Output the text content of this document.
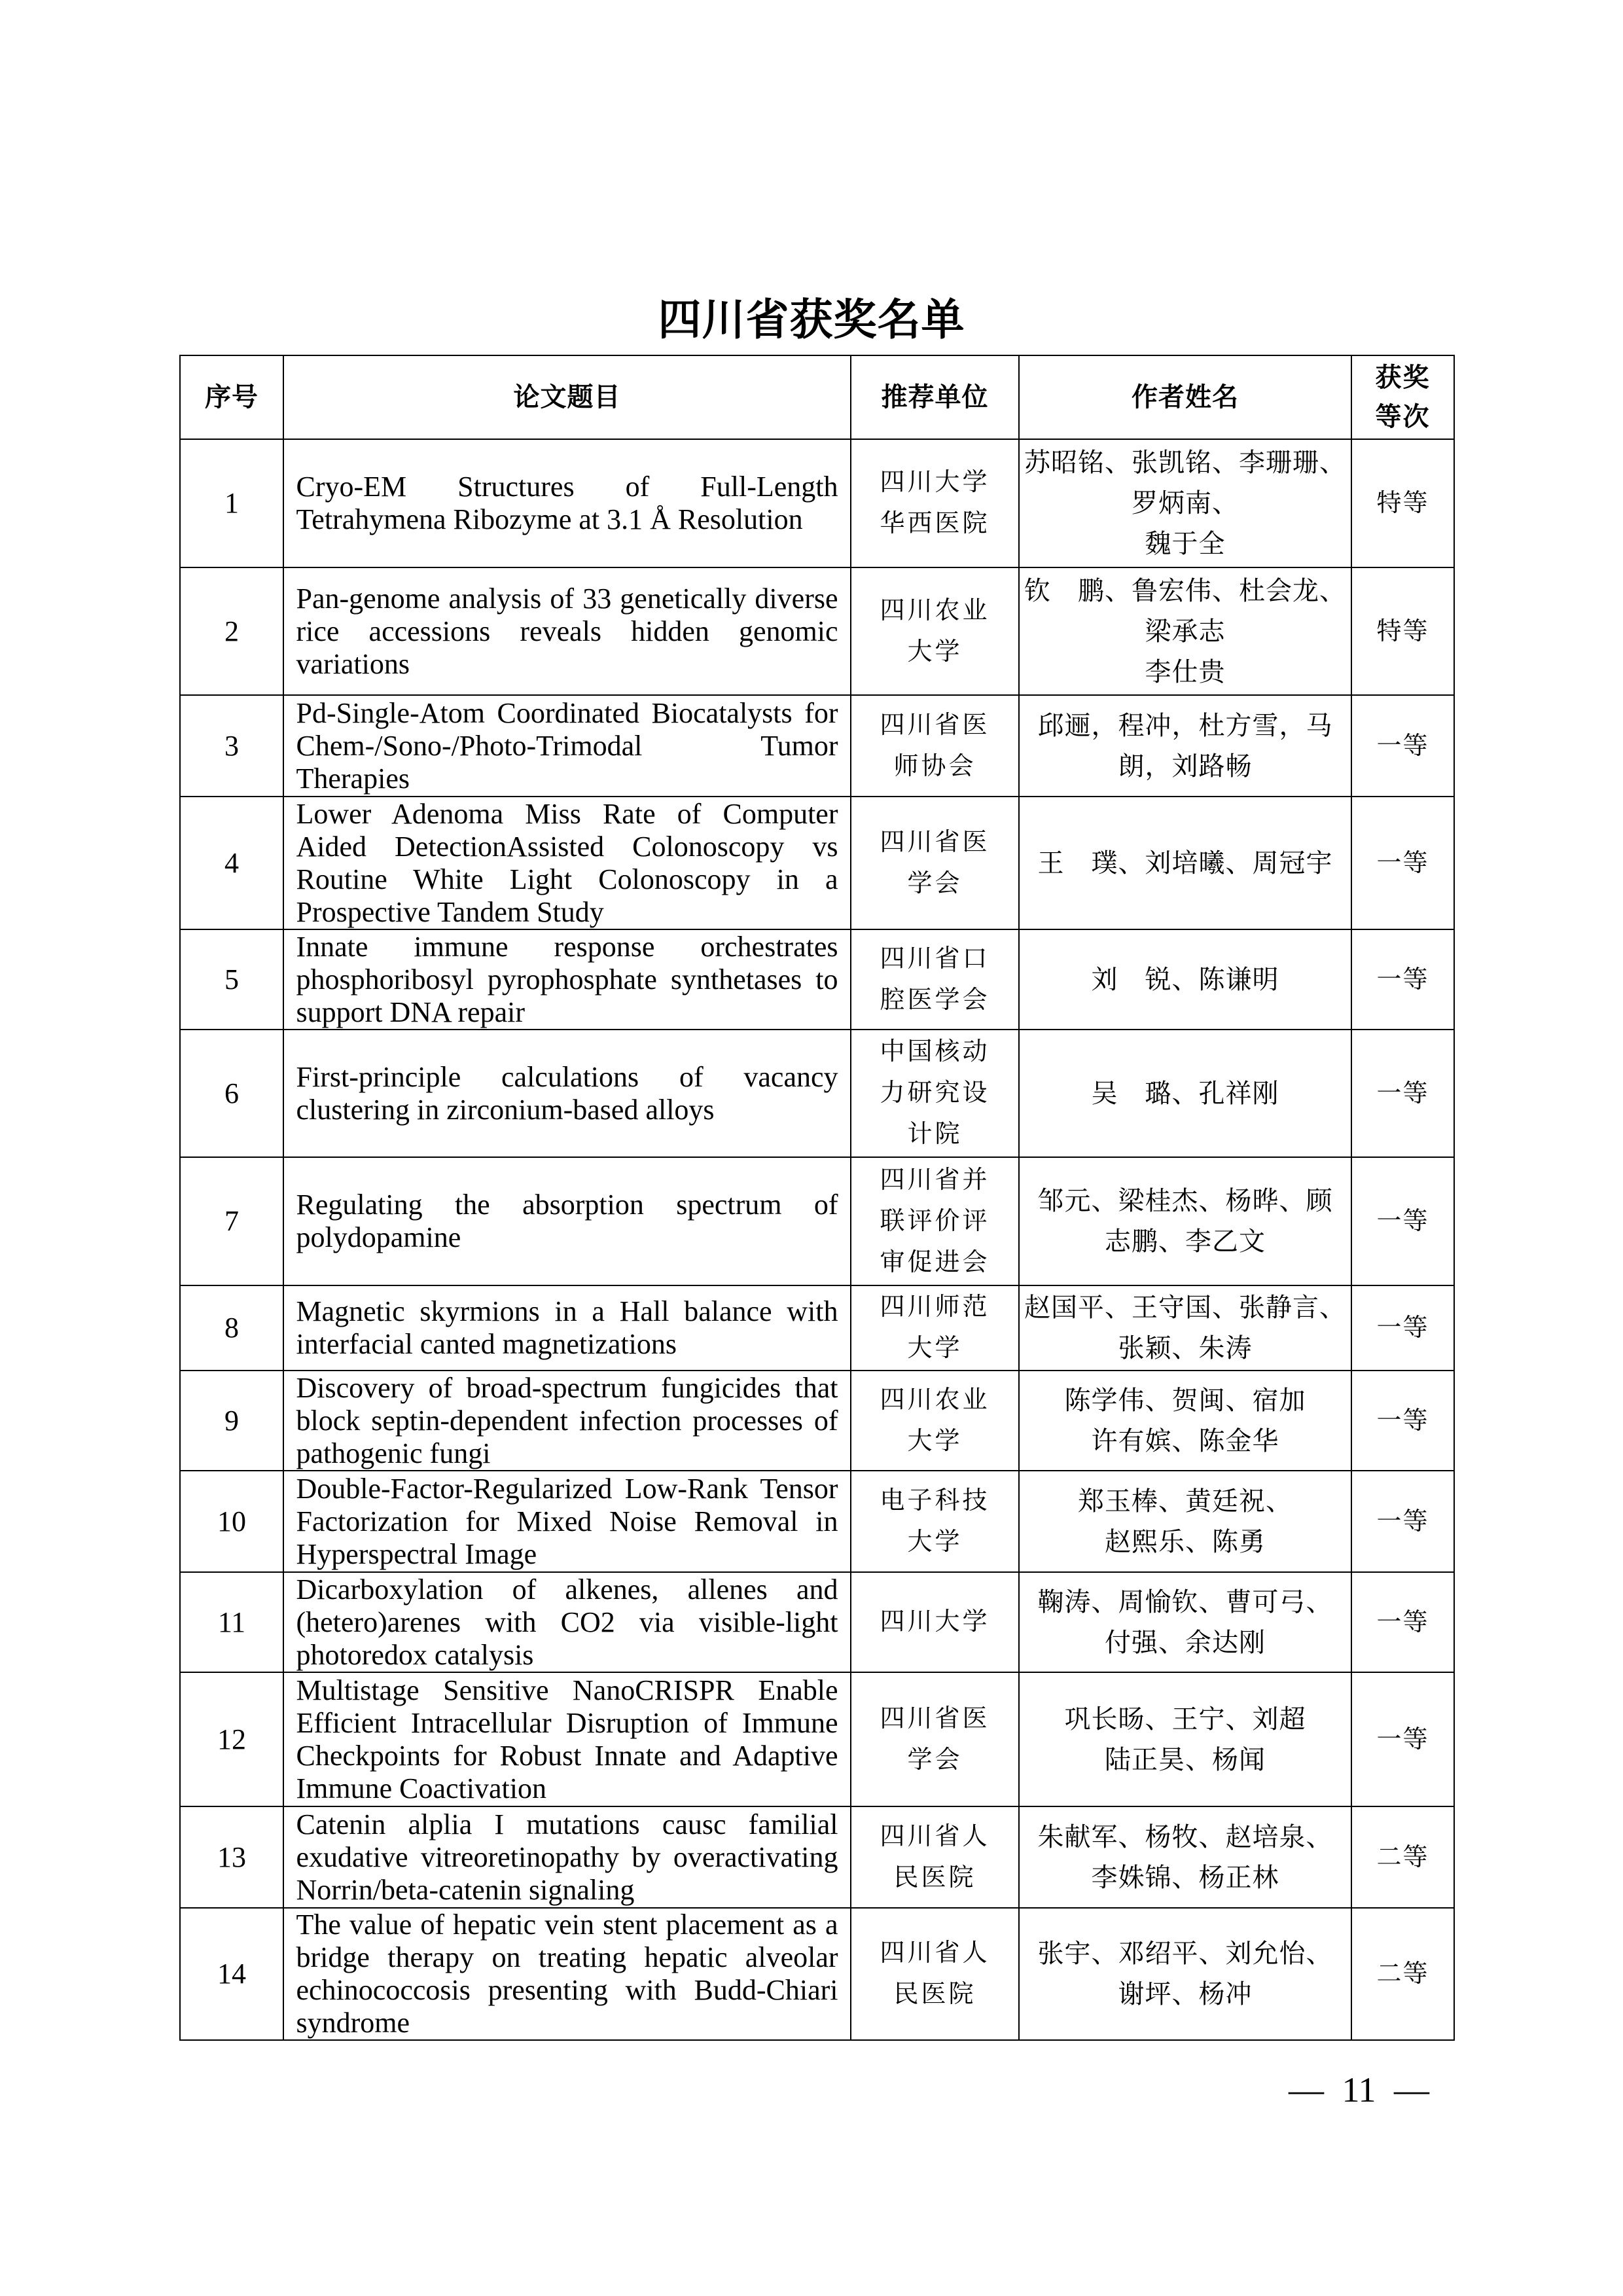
四川省获奖名单
序号	论文题目	推荐单位	作者姓名	获奖等次

1	Cryo-EM Structures of Full-Length Tetrahymena Ribozyme at 3.1 Å Resolution	四川大学华西医院	苏昭铭、张凯铭、李珊珊、
罗炳南、
魏于全	特等

2	Pan-genome analysis of 33 genetically diverse rice accessions reveals hidden genomic variations	四川农业大学	钦　鹏、鲁宏伟、杜会龙、
梁承志
李仕贵	特等

3	Pd-Single-Atom Coordinated Biocatalysts for Chem-/Sono-/Photo-Trimodal Tumor Therapies	四川省医师协会	邱逦，程冲，杜方雪，马
朗，刘路畅	一等

4	Lower Adenoma Miss Rate of Computer Aided DetectionAssisted Colonoscopy vs Routine White Light Colonoscopy in a Prospective Tandem Study	四川省医学会	王　璞、刘培曦、周冠宇	一等

5	Innate immune response orchestrates phosphoribosyl pyrophosphate synthetases to support DNA repair	四川省口腔医学会	刘　锐、陈谦明	一等

6	First-principle calculations of vacancy clustering in zirconium-based alloys	中国核动力研究设计院	吴　璐、孔祥刚	一等

7	Regulating the absorption spectrum of polydopamine	四川省并联评价评审促进会	邹元、梁桂杰、杨晔、顾
志鹏、李乙文	一等

8	Magnetic skyrmions in a Hall balance with interfacial canted magnetizations	四川师范大学	赵国平、王守国、张静言、
张颖、朱涛	一等

9	Discovery of broad-spectrum fungicides that block septin-dependent infection processes of pathogenic fungi	四川农业大学	陈学伟、贺闽、宿加
许有嫔、陈金华	一等

10	Double-Factor-Regularized Low-Rank Tensor Factorization for Mixed Noise Removal in Hyperspectral Image	电子科技大学	郑玉棒、黄廷祝、
赵熙乐、陈勇	一等

11	Dicarboxylation of alkenes, allenes and (hetero)arenes with CO2 via visible-light photoredox catalysis	四川大学	鞠涛、周愉钦、曹可弓、
付强、余达刚	一等

12	Multistage Sensitive NanoCRISPR Enable Efficient Intracellular Disruption of Immune Checkpoints for Robust Innate and Adaptive Immune Coactivation	四川省医学会	巩长旸、王宁、刘超
陆正昊、杨闻	一等

13	Catenin alplia I mutations causc familial exudative vitreoretinopathy by overactivating Norrin/beta-catenin signaling	四川省人民医院	朱献军、杨牧、赵培泉、
李姝锦、杨正林	二等

14	The value of hepatic vein stent placement as a bridge therapy on treating hepatic alveolar echinococcosis presenting with Budd-Chiari syndrome	四川省人民医院	张宇、邓绍平、刘允怡、
谢坪、杨冲	二等
— 11 —
